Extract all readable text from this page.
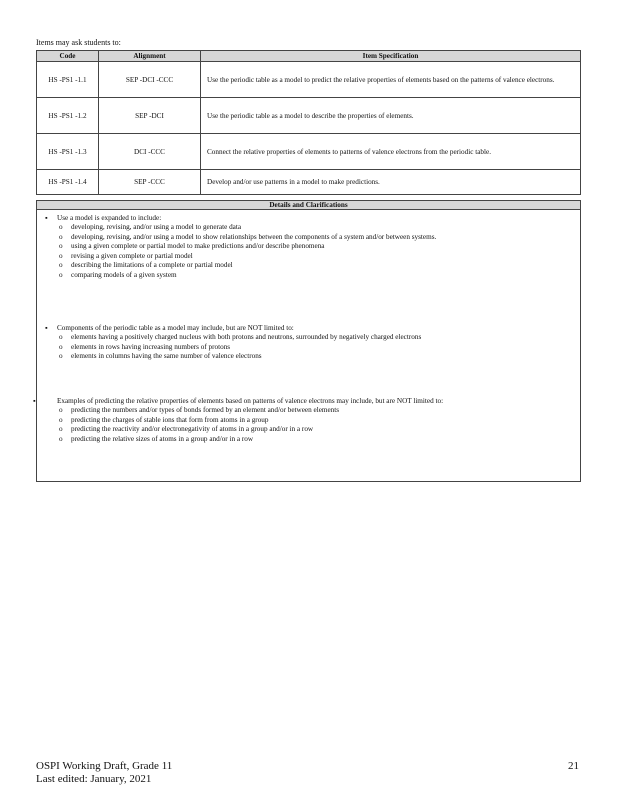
Items may ask students to:
Code	Alignment	Item Specification
HS -PS1 -1.1	SEP -DCI -CCC	Use the periodic table as a model to predict the relative properties of elements based on the patterns of valence electrons.
HS -PS1 -1.2	SEP -DCI	Use the periodic table as a model to describe the properties of elements.
HS -PS1 -1.3	DCI -CCC	Connect the relative properties of elements to patterns of valence electrons from the periodic table.
HS -PS1 -1.4	SEP -CCC	Develop and/or use patterns in a model to make predictions.
Details and Clarifications
▪ Use a model is expanded to include:
o	developing, revising, and/or using a model to generate data
o	developing, revising, and/or using a model to show relationships between the components of a system and/or between systems.
o	using a given complete or partial model to make predictions and/or describe phenomena
o	revising a given complete or partial model
o	describing the limitations of a complete or partial model
o	comparing models of a given system
▪ Components of the periodic table as a model may include, but are NOT limited to:
o	elements having a positively charged nucleus with both protons and neutrons, surrounded by negatively charged electrons
o	elements in rows having increasing numbers of protons
o	elements in columns having the same number of valence electrons
▪	Examples of predicting the relative properties of elements based on patterns of valence electrons may include, but are NOT limited to:
o	predicting the numbers and/or types of bonds formed by an element and/or between elements
o	predicting the charges of stable ions that form from atoms in a group
o	predicting the reactivity and/or electronegativity of atoms in a group and/or in a row
o	predicting the relative sizes of atoms in a group and/or in a row
OSPI Working Draft, Grade 11
Last edited: January, 2021
21
